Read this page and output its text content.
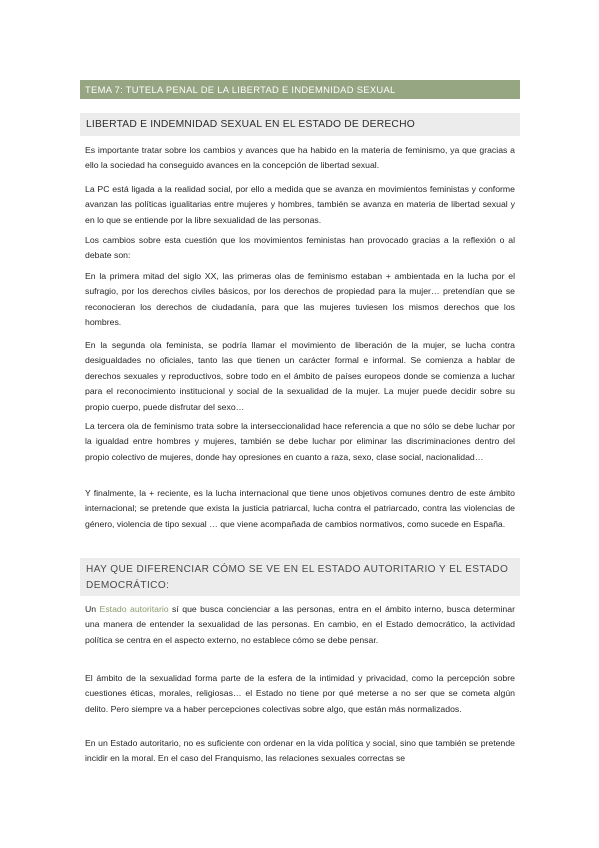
TEMA 7: TUTELA PENAL DE LA LIBERTAD E INDEMNIDAD SEXUAL
LIBERTAD E INDEMNIDAD SEXUAL EN EL ESTADO DE DERECHO

Es importante tratar sobre los cambios y avances que ha habido en la materia de feminismo, ya que gracias a ello la sociedad ha conseguido avances en la concepción de libertad sexual.

La PC está ligada a la realidad social, por ello a medida que se avanza en movimientos feministas y conforme avanzan las políticas igualitarias entre mujeres y hombres, también se avanza en materia de libertad sexual y en lo que se entiende por la libre sexualidad de las personas.

Los cambios sobre esta cuestión que los movimientos feministas han provocado gracias a la reflexión o al debate son:

En la primera mitad del siglo XX, las primeras olas de feminismo estaban + ambientada en la lucha por el sufragio, por los derechos civiles básicos, por los derechos de propiedad para la mujer… pretendían que se reconocieran los derechos de ciudadanía, para que las mujeres tuviesen los mismos derechos que los hombres.

En la segunda ola feminista, se podría llamar el movimiento de liberación de la mujer, se lucha contra desigualdades no oficiales, tanto las que tienen un carácter formal e informal. Se comienza a hablar de derechos sexuales y reproductivos, sobre todo en el ámbito de países europeos donde se comienza a luchar para el reconocimiento institucional y social de la sexualidad de la mujer. La mujer puede decidir sobre su propio cuerpo, puede disfrutar del sexo…

La tercera ola de feminismo trata sobre la interseccionalidad hace referencia a que no sólo se debe luchar por la igualdad entre hombres y mujeres, también se debe luchar por eliminar las discriminaciones dentro del propio colectivo de mujeres, donde hay opresiones en cuanto a raza, sexo, clase social, nacionalidad…

Y finalmente, la + reciente, es la lucha internacional que tiene unos objetivos comunes dentro de este ámbito internacional; se pretende que exista la justicia patriarcal, lucha contra el patriarcado, contra las violencias de género, violencia de tipo sexual … que viene acompañada de cambios normativos, como sucede en España.

HAY QUE DIFERENCIAR CÓMO SE VE EN EL ESTADO AUTORITARIO Y EL ESTADO DEMOCRÁTICO:

Un Estado autoritario sí que busca concienciar a las personas, entra en el ámbito interno, busca determinar una manera de entender la sexualidad de las personas. En cambio, en el Estado democrático, la actividad política se centra en el aspecto externo, no establece cómo se debe pensar.

El ámbito de la sexualidad forma parte de la esfera de la intimidad y privacidad, como la percepción sobre cuestiones éticas, morales, religiosas… el Estado no tiene por qué meterse a no ser que se cometa algún delito. Pero siempre va a haber percepciones colectivas sobre algo, que están más normalizados.

En un Estado autoritario, no es suficiente con ordenar en la vida política y social, sino que también se pretende incidir en la moral. En el caso del Franquismo, las relaciones sexuales correctas se
